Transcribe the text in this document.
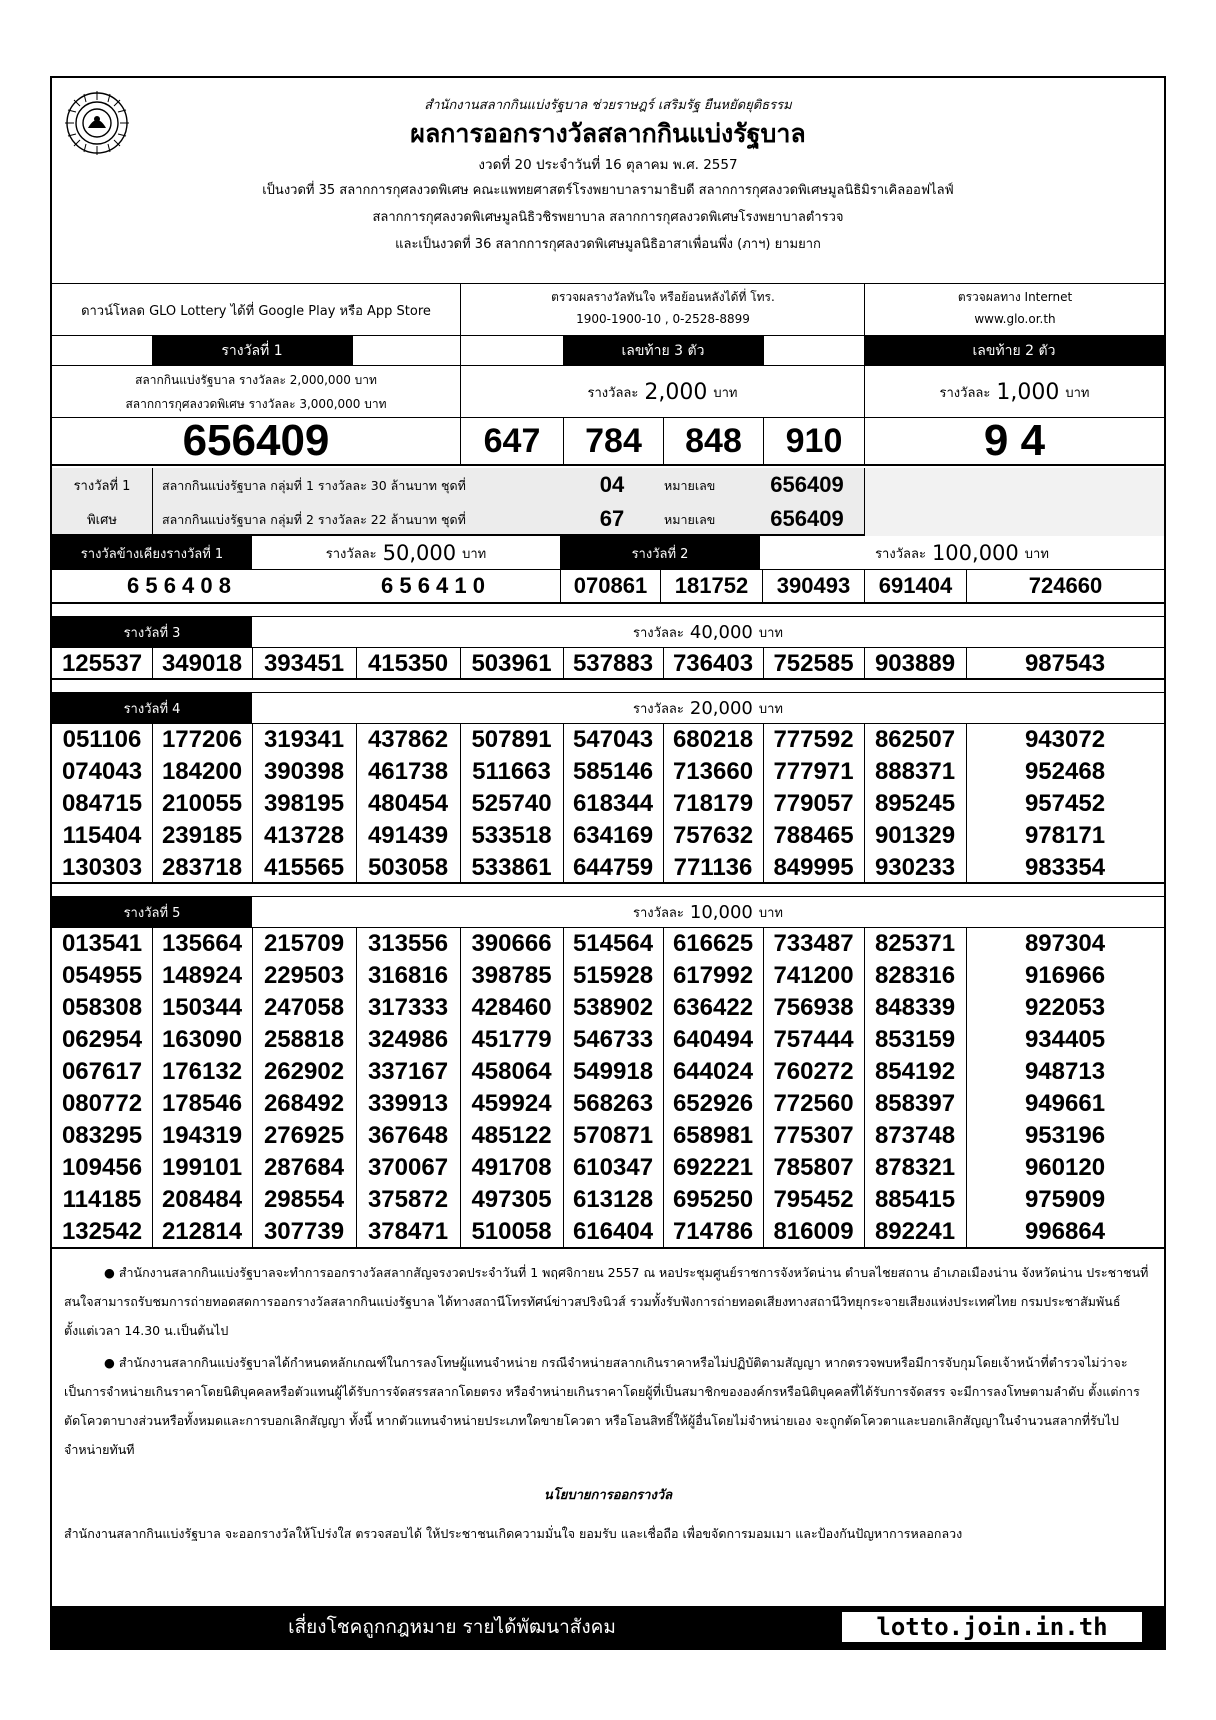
สำนักงานสลากกินแบ่งรัฐบาล ช่วยราษฎร์ เสริมรัฐ ยืนหยัดยุติธรรม
ผลการออกรางวัลสลากกินแบ่งรัฐบาล
งวดที่ 20 ประจำวันที่ 16 ตุลาคม พ.ศ. 2557
เป็นงวดที่ 35 สลากการกุศลงวดพิเศษ คณะแพทยศาสตร์โรงพยาบาลรามาธิบดี สลากการกุศลงวดพิเศษมูลนิธิมิราเคิลออฟไลฟ์
สลากการกุศลงวดพิเศษมูลนิธิวชิรพยาบาล สลากการกุศลงวดพิเศษโรงพยาบาลตำรวจ
และเป็นงวดที่ 36 สลากการกุศลงวดพิเศษมูลนิธิอาสาเพื่อนพึ่ง (ภาฯ) ยามยาก
ดาวน์โหลด GLO Lottery ได้ที่ Google Play หรือ App Store
ตรวจผลรางวัลทันใจ หรือย้อนหลังได้ที่ โทร.
1900-1900-10 , 0-2528-8899
ตรวจผลทาง Internet
www.glo.or.th
รางวัลที่ 1	เลขท้าย 3 ตัว	เลขท้าย 2 ตัว
สลากกินแบ่งรัฐบาล รางวัลละ 2,000,000 บาท
สลากการกุศลงวดพิเศษ รางวัลละ 3,000,000 บาท
รางวัลละ 2,000 บาท	รางวัลละ 1,000 บาท
656409	647	784	848	910	9 4
รางวัลที่ 1
พิเศษ
สลากกินแบ่งรัฐบาล กลุ่มที่ 1 รางวัลละ 30 ล้านบาท ชุดที่	04	หมายเลข	656409
สลากกินแบ่งรัฐบาล กลุ่มที่ 2 รางวัลละ 22 ล้านบาท ชุดที่	67	หมายเลข	656409
รางวัลข้างเคียงรางวัลที่ 1	รางวัลละ 50,000 บาท	รางวัลที่ 2	รางวัลละ 100,000 บาท
6 5 6 4 0 8	6 5 6 4 1 0	070861	181752	390493	691404	724660
รางวัลที่ 3	รางวัลละ 40,000 บาท
125537 349018 393451 415350 503961 537883 736403 752585 903889	987543
รางวัลที่ 4	รางวัลละ 20,000 บาท
051106 177206 319341 437862 507891 547043 680218 777592 862507	943072
074043 184200 390398 461738	511663 585146 713660 777971 888371	952468
084715 210055 398195 480454 525740 618344 718179 779057 895245	957452
115404 239185 413728 491439 533518 634169 757632 788465 901329	978171
130303 283718 415565 503058 533861 644759 771136 849995 930233	983354
รางวัลที่ 5	รางวัลละ 10,000 บาท
013541 135664 215709 313556 390666 514564 616625 733487 825371	897304
054955 148924 229503 316816 398785 515928 617992 741200 828316	916966
058308 150344 247058 317333 428460 538902 636422 756938 848339	922053
062954 163090 258818 324986 451779 546733 640494 757444 853159	934405
067617 176132 262902 337167 458064 549918 644024 760272 854192	948713
080772 178546 268492 339913 459924 568263 652926 772560 858397	949661
083295 194319 276925 367648 485122 570871 658981 775307 873748	953196
109456 199101 287684 370067 491708 610347 692221 785807 878321	960120
114185 208484 298554 375872 497305 613128 695250 795452 885415	975909
132542 212814 307739 378471 510058 616404 714786 816009 892241	996864

● สำนักงานสลากกินแบ่งรัฐบาลจะทำการออกรางวัลสลากสัญจรงวดประจำวันที่ 1 พฤศจิกายน 2557 ณ หอประชุมศูนย์ราชการจังหวัดน่าน ตำบลไชยสถาน อำเภอเมืองน่าน จังหวัดน่าน ประชาชนที่สนใจสามารถรับชมการถ่ายทอดสดการออกรางวัลสลากกินแบ่งรัฐบาล ได้ทางสถานีโทรทัศน์ข่าวสปริงนิวส์ รวมทั้งรับฟังการถ่ายทอดเสียงทางสถานีวิทยุกระจายเสียงแห่งประเทศไทย กรมประชาสัมพันธ์ ตั้งแต่เวลา 14.30 น.เป็นต้นไป

● สำนักงานสลากกินแบ่งรัฐบาลได้กำหนดหลักเกณฑ์ในการลงโทษผู้แทนจำหน่าย กรณีจำหน่ายสลากเกินราคาหรือไม่ปฏิบัติตามสัญญา หากตรวจพบหรือมีการจับกุมโดยเจ้าหน้าที่ตำรวจไม่ว่าจะเป็นการจำหน่ายเกินราคาโดยนิติบุคคลหรือตัวแทนผู้ได้รับการจัดสรรสลากโดยตรง หรือจำหน่ายเกินราคาโดยผู้ที่เป็นสมาชิกขององค์กรหรือนิติบุคคลที่ได้รับการจัดสรร จะมีการลงโทษตามลำดับ ตั้งแต่การตัดโควตาบางส่วนหรือทั้งหมดและการบอกเลิกสัญญา ทั้งนี้ หากตัวแทนจำหน่ายประเภทใดขายโควตา หรือโอนสิทธิ์ให้ผู้อื่นโดยไม่จำหน่ายเอง จะถูกตัดโควตาและบอกเลิกสัญญาในจำนวนสลากที่รับไปจำหน่ายทันที

นโยบายการออกรางวัล
สำนักงานสลากกินแบ่งรัฐบาล จะออกรางวัลให้โปร่งใส ตรวจสอบได้ ให้ประชาชนเกิดความมั่นใจ ยอมรับ และเชื่อถือ เพื่อขจัดการมอมเมา และป้องกันปัญหาการหลอกลวง
เสี่ยงโชคถูกกฎหมาย รายได้พัฒนาสังคม	lotto.join.in.th
